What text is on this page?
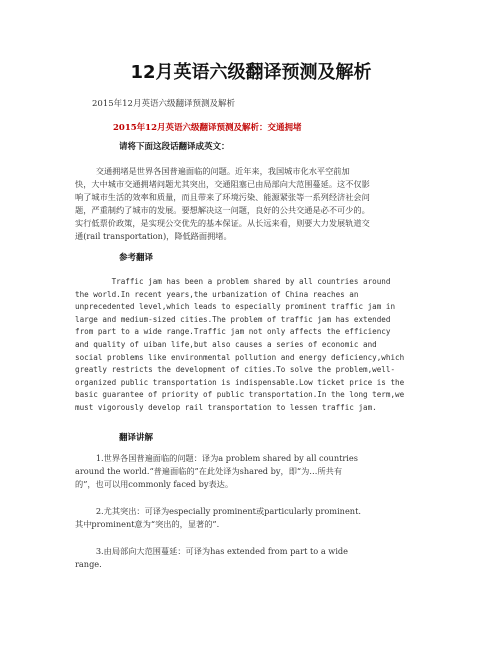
12月英语六级翻译预测及解析
2015年12月英语六级翻译预测及解析
2015年12月英语六级翻译预测及解析：交通拥堵
请将下面这段话翻译成英文：

交通拥堵是世界各国普遍面临的问题。近年来，我国城市化水平空前加

快，大中城市交通拥堵问题尤其突出，交通阻塞已由局部向大范围蔓延。这不仅影

响了城市生活的效率和质量，而且带来了环境污染、能源紧张等一系列经济社会问

题，严重制约了城市的发展。要想解决这一问题，良好的公共交通是必不可少的。

实行低票价政策，是实现公交优先的基本保证。从长远来看，则要大力发展轨道交

通(rail transportation)，降低路面拥堵。

参考翻译

Traffic jam has been a problem shared by all countries around

the world.In recent years,the urbanization of China reaches an

unprecedented level,which leads to especially prominent traffic jam in

large and medium-sized cities.The problem of traffic jam has extended

from part to a wide range.Traffic jam not only affects the efficiency

and quality of uiban life,but also causes a series of economic and

social problems like environmental pollution and energy deficiency,which

greatly restricts the development of cities.To solve the problem,well-

organized public transportation is indispensable.Low ticket price is the

basic guarantee of priority of public transportation.In the long term,we

must vigorously develop rail transportation to lessen traffic jam.

翻译讲解

1.世界各国普遍面临的问题：译为a problem shared by all countries

around the world.“普遍面临的”在此处译为shared by，即“为…所共有

的”，也可以用commonly faced by表达。

2.尤其突出：可译为especially prominent或particularly prominent.

其中prominent意为“突出的，显著的”.

3.由局部向大范围蔓延：可译为has extended from part to a wide

range.
